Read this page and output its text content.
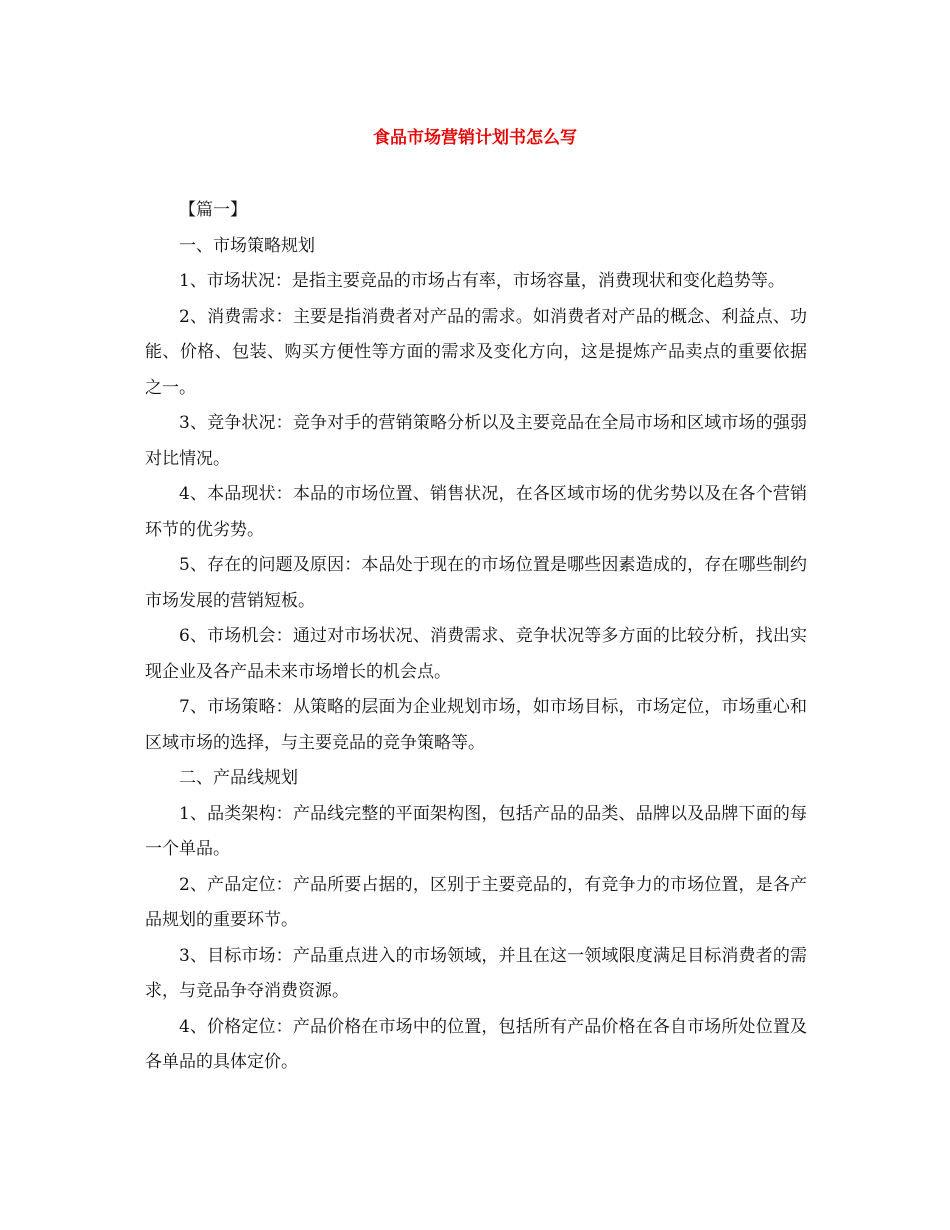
食品市场营销计划书怎么写

【篇一】

一、市场策略规划

1、市场状况：是指主要竞品的市场占有率，市场容量，消费现状和变化趋势等。

2、消费需求：主要是指消费者对产品的需求。如消费者对产品的概念、利益点、功能、价格、包装、购买方便性等方面的需求及变化方向，这是提炼产品卖点的重要依据之一。

3、竞争状况：竞争对手的营销策略分析以及主要竞品在全局市场和区域市场的强弱对比情况。

4、本品现状：本品的市场位置、销售状况，在各区域市场的优劣势以及在各个营销环节的优劣势。

5、存在的问题及原因：本品处于现在的市场位置是哪些因素造成的，存在哪些制约市场发展的营销短板。

6、市场机会：通过对市场状况、消费需求、竞争状况等多方面的比较分析，找出实现企业及各产品未来市场增长的机会点。

7、市场策略：从策略的层面为企业规划市场，如市场目标，市场定位，市场重心和区域市场的选择，与主要竞品的竞争策略等。

二、产品线规划

1、品类架构：产品线完整的平面架构图，包括产品的品类、品牌以及品牌下面的每一个单品。

2、产品定位：产品所要占据的，区别于主要竞品的，有竞争力的市场位置，是各产品规划的重要环节。

3、目标市场：产品重点进入的市场领域，并且在这一领域限度满足目标消费者的需求，与竞品争夺消费资源。

4、价格定位：产品价格在市场中的位置，包括所有产品价格在各自市场所处位置及各单品的具体定价。
